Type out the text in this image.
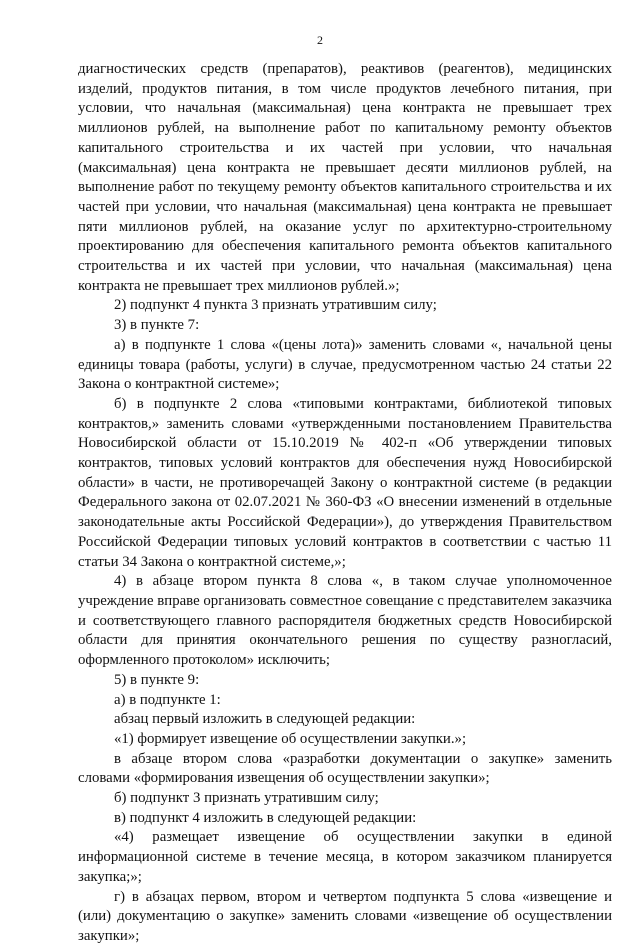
2

диагностических средств (препаратов), реактивов (реагентов), медицинских изделий, продуктов питания, в том числе продуктов лечебного питания, при условии, что начальная (максимальная) цена контракта не превышает трех миллионов рублей, на выполнение работ по капитальному ремонту объектов капитального строительства и их частей при условии, что начальная (максимальная) цена контракта не превышает десяти миллионов рублей, на выполнение работ по текущему ремонту объектов капитального строительства и их частей при условии, что начальная (максимальная) цена контракта не превышает пяти миллионов рублей, на оказание услуг по архитектурно-строительному проектированию для обеспечения капитального ремонта объектов капитального строительства и их частей при условии, что начальная (максимальная) цена контракта не превышает трех миллионов рублей.»;

2) подпункт 4 пункта 3 признать утратившим силу;

3) в пункте 7:

а) в подпункте 1 слова «(цены лота)» заменить словами «, начальной цены единицы товара (работы, услуги) в случае, предусмотренном частью 24 статьи 22 Закона о контрактной системе»;

б) в подпункте 2 слова «типовыми контрактами, библиотекой типовых контрактов,» заменить словами «утвержденными постановлением Правительства Новосибирской области от 15.10.2019 № 402-п «Об утверждении типовых контрактов, типовых условий контрактов для обеспечения нужд Новосибирской области» в части, не противоречащей Закону о контрактной системе (в редакции Федерального закона от 02.07.2021 № 360-ФЗ «О внесении изменений в отдельные законодательные акты Российской Федерации»), до утверждения Правительством Российской Федерации типовых условий контрактов в соответствии с частью 11 статьи 34 Закона о контрактной системе,»;

4) в абзаце втором пункта 8 слова «, в таком случае уполномоченное учреждение вправе организовать совместное совещание с представителем заказчика и соответствующего главного распорядителя бюджетных средств Новосибирской области для принятия окончательного решения по существу разногласий, оформленного протоколом» исключить;

5) в пункте 9:

а) в подпункте 1:

абзац первый изложить в следующей редакции:

«1) формирует извещение об осуществлении закупки.»;

в абзаце втором слова «разработки документации о закупке» заменить словами «формирования извещения об осуществлении закупки»;

б) подпункт 3 признать утратившим силу;

в) подпункт 4 изложить в следующей редакции:

«4) размещает извещение об осуществлении закупки в единой информационной системе в течение месяца, в котором заказчиком планируется закупка;»;

г) в абзацах первом, втором и четвертом подпункта 5 слова «извещение и (или) документацию о закупке» заменить словами «извещение об осуществлении закупки»;
